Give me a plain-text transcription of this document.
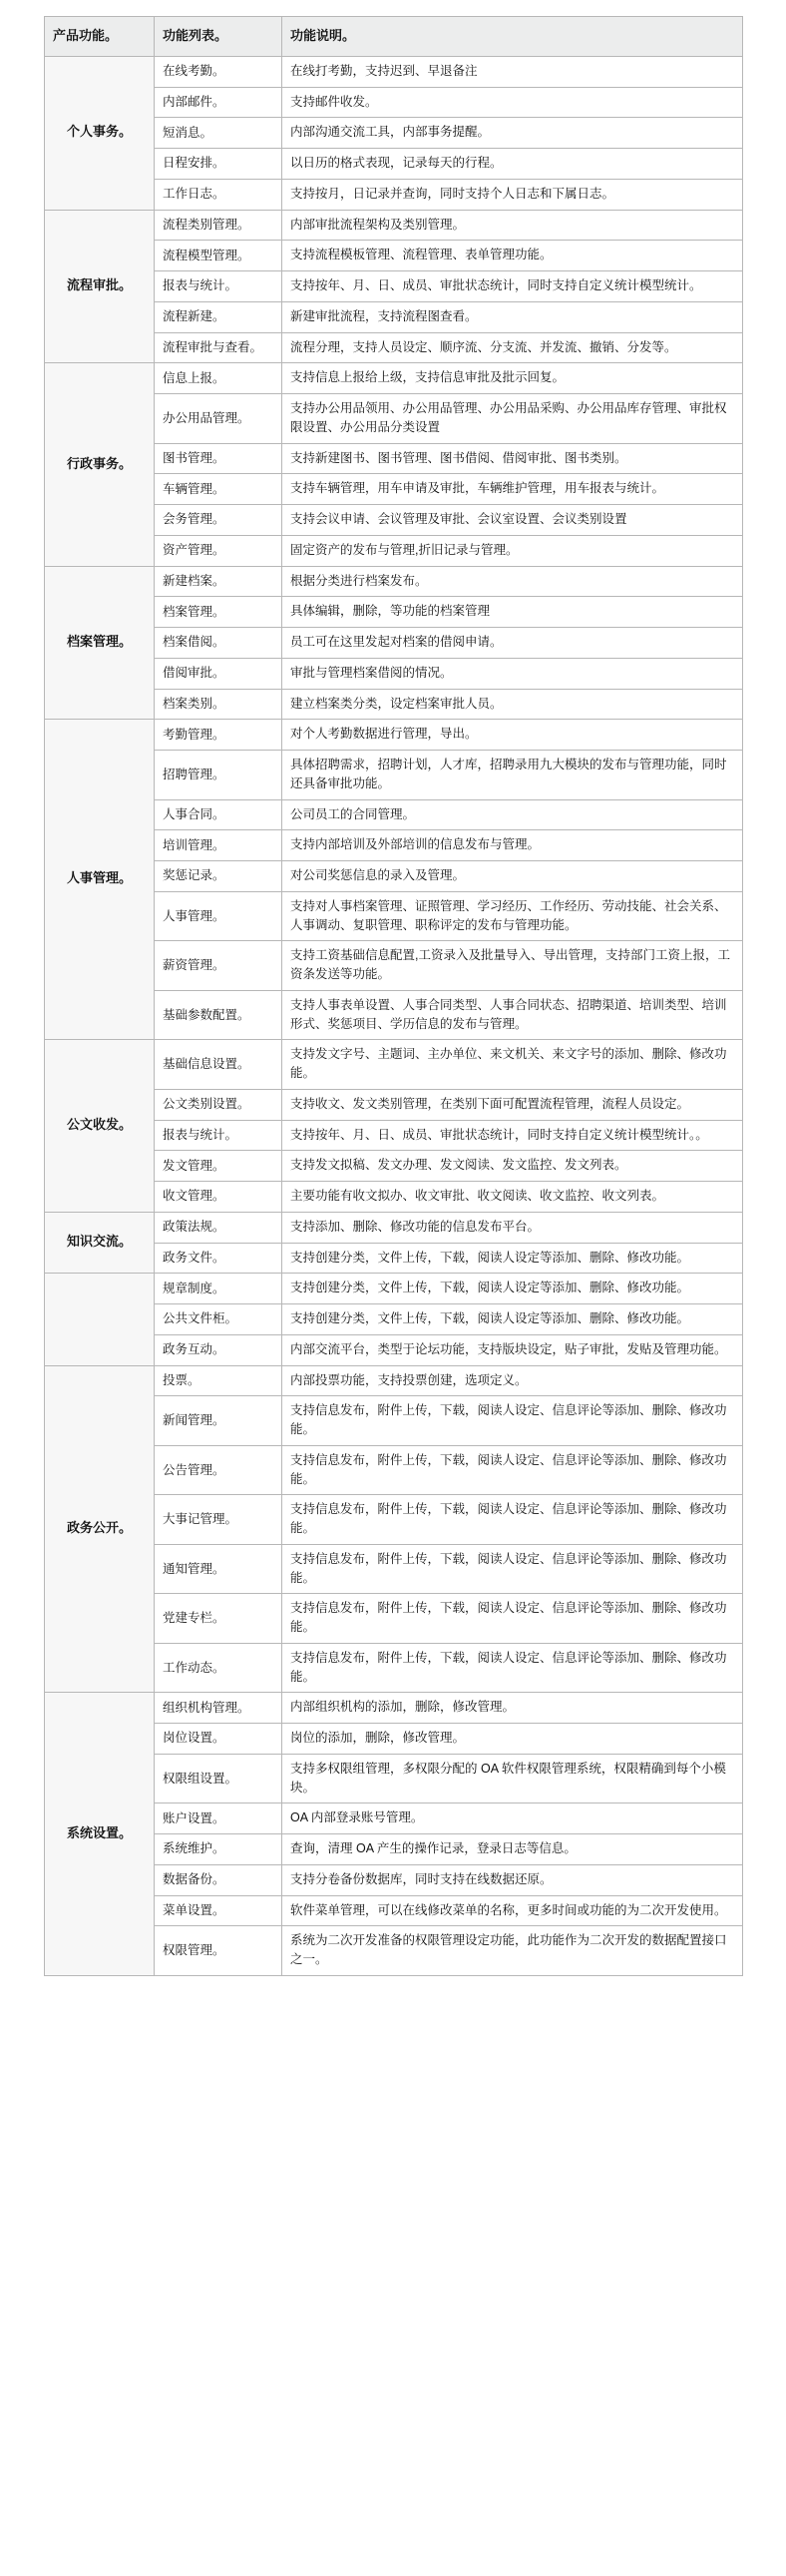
产品功能。	功能列表。	功能说明。
个人事务。	在线考勤。	在线打考勤，支持迟到、早退备注
	内部邮件。	支持邮件收发。
	短消息。	内部沟通交流工具，内部事务提醒。
	日程安排。	以日历的格式表现，记录每天的行程。
	工作日志。	支持按月，日记录并查询，同时支持个人日志和下属日志。
流程审批。	流程类别管理。	内部审批流程架构及类别管理。
	流程模型管理。	支持流程模板管理、流程管理、表单管理功能。
	报表与统计。	支持按年、月、日、成员、审批状态统计，同时支持自定义统计模型统计。
	流程新建。	新建审批流程，支持流程图查看。
	流程审批与查看。	流程分理，支持人员设定、顺序流、分支流、并发流、撤销、分发等。
行政事务。	信息上报。	支持信息上报给上级，支持信息审批及批示回复。
	办公用品管理。	支持办公用品领用、办公用品管理、办公用品采购、办公用品库存管理、审批权限设置、办公用品分类设置
	图书管理。	支持新建图书、图书管理、图书借阅、借阅审批、图书类别。
	车辆管理。	支持车辆管理，用车申请及审批，车辆维护管理，用车报表与统计。
	会务管理。	支持会议申请、会议管理及审批、会议室设置、会议类别设置
	资产管理。	固定资产的发布与管理,折旧记录与管理。
档案管理。	新建档案。	根据分类进行档案发布。
	档案管理。	具体编辑，删除，等功能的档案管理
	档案借阅。	员工可在这里发起对档案的借阅申请。
	借阅审批。	审批与管理档案借阅的情况。
	档案类别。	建立档案类分类，设定档案审批人员。
人事管理。	考勤管理。	对个人考勤数据进行管理，导出。
	招聘管理。	具体招聘需求，招聘计划，人才库，招聘录用九大模块的发布与管理功能，同时还具备审批功能。
	人事合同。	公司员工的合同管理。
	培训管理。	支持内部培训及外部培训的信息发布与管理。
	奖惩记录。	对公司奖惩信息的录入及管理。
	人事管理。	支持对人事档案管理、证照管理、学习经历、工作经历、劳动技能、社会关系、人事调动、复职管理、职称评定的发布与管理功能。
	薪资管理。	支持工资基础信息配置,工资录入及批量导入、导出管理，支持部门工资上报，工资条发送等功能。
	基础参数配置。	支持人事表单设置、人事合同类型、人事合同状态、招聘渠道、培训类型、培训形式、奖惩项目、学历信息的发布与管理。
公文收发。	基础信息设置。	支持发文字号、主题词、主办单位、来文机关、来文字号的添加、删除、修改功能。
	公文类别设置。	支持收文、发文类别管理，在类别下面可配置流程管理，流程人员设定。
	报表与统计。	支持按年、月、日、成员、审批状态统计，同时支持自定义统计模型统计。。
	发文管理。	支持发文拟稿、发文办理、发文阅读、发文监控、发文列表。
	收文管理。	主要功能有收文拟办、收文审批、收文阅读、收文监控、收文列表。
知识交流。	政策法规。	支持添加、删除、修改功能的信息发布平台。
	政务文件。	支持创建分类，文件上传，下载，阅读人设定等添加、删除、修改功能。
	规章制度。	支持创建分类，文件上传，下载，阅读人设定等添加、删除、修改功能。
	公共文件柜。	支持创建分类，文件上传，下载，阅读人设定等添加、删除、修改功能。
	政务互动。	内部交流平台，类型于论坛功能，支持版块设定，贴子审批，发贴及管理功能。
政务公开。	投票。	内部投票功能，支持投票创建，选项定义。
	新闻管理。	支持信息发布，附件上传，下载，阅读人设定、信息评论等添加、删除、修改功能。
	公告管理。	支持信息发布，附件上传，下载，阅读人设定、信息评论等添加、删除、修改功能。
	大事记管理。	支持信息发布，附件上传，下载，阅读人设定、信息评论等添加、删除、修改功能。
	通知管理。	支持信息发布，附件上传，下载，阅读人设定、信息评论等添加、删除、修改功能。
	党建专栏。	支持信息发布，附件上传，下载，阅读人设定、信息评论等添加、删除、修改功能。
	工作动态。	支持信息发布，附件上传，下载，阅读人设定、信息评论等添加、删除、修改功能。
系统设置。	组织机构管理。	内部组织机构的添加，删除，修改管理。
	岗位设置。	岗位的添加，删除，修改管理。
	权限组设置。	支持多权限组管理，多权限分配的 OA 软件权限管理系统，权限精确到每个小模块。
	账户设置。	OA 内部登录账号管理。
	系统维护。	查询，清理 OA 产生的操作记录，登录日志等信息。
	数据备份。	支持分卷备份数据库，同时支持在线数据还原。
	菜单设置。	软件菜单管理，可以在线修改菜单的名称，更多时间或功能的为二次开发使用。
	权限管理。	系统为二次开发准备的权限管理设定功能，此功能作为二次开发的数据配置接口之一。
